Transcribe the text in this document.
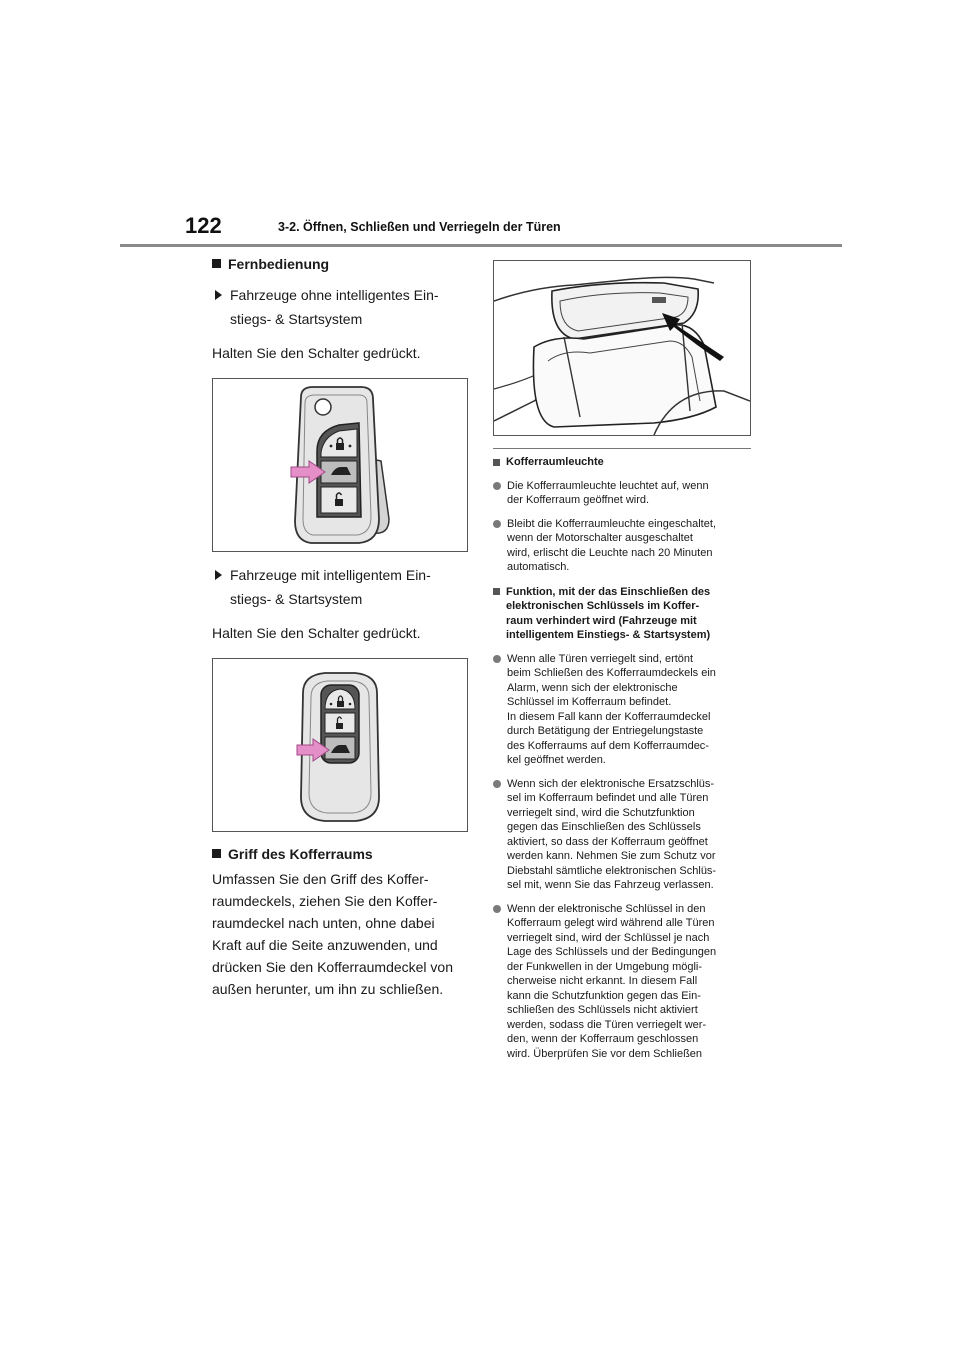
122	3-2. Öffnen, Schließen und Verriegeln der Türen
Fernbedienung
Fahrzeuge ohne intelligentes Ein-
stiegs- & Startsystem

Halten Sie den Schalter gedrückt.

Fahrzeuge mit intelligentem Ein-
stiegs- & Startsystem

Halten Sie den Schalter gedrückt.

Griff des Kofferraums
Umfassen Sie den Griff des Koffer-
raumdeckels, ziehen Sie den Koffer-
raumdeckel nach unten, ohne dabei
Kraft auf die Seite anzuwenden, und
drücken Sie den Kofferraumdeckel von
außen herunter, um ihn zu schließen.
Kofferraumleuchte
Die Kofferraumleuchte leuchtet auf, wenn
der Kofferraum geöffnet wird.
Bleibt die Kofferraumleuchte eingeschaltet,
wenn der Motorschalter ausgeschaltet
wird, erlischt die Leuchte nach 20 Minuten
automatisch.
Funktion, mit der das Einschließen des
elektronischen Schlüssels im Koffer-
raum verhindert wird (Fahrzeuge mit
intelligentem Einstiegs- & Startsystem)
Wenn alle Türen verriegelt sind, ertönt
beim Schließen des Kofferraumdeckels ein
Alarm, wenn sich der elektronische
Schlüssel im Kofferraum befindet.
In diesem Fall kann der Kofferraumdeckel
durch Betätigung der Entriegelungstaste
des Kofferraums auf dem Kofferraumdec-
kel geöffnet werden.
Wenn sich der elektronische Ersatzschlüs-
sel im Kofferraum befindet und alle Türen
verriegelt sind, wird die Schutzfunktion
gegen das Einschließen des Schlüssels
aktiviert, so dass der Kofferraum geöffnet
werden kann. Nehmen Sie zum Schutz vor
Diebstahl sämtliche elektronischen Schlüs-
sel mit, wenn Sie das Fahrzeug verlassen.
Wenn der elektronische Schlüssel in den
Kofferraum gelegt wird während alle Türen
verriegelt sind, wird der Schlüssel je nach
Lage des Schlüssels und der Bedingungen
der Funkwellen in der Umgebung mögli-
cherweise nicht erkannt. In diesem Fall
kann die Schutzfunktion gegen das Ein-
schließen des Schlüssels nicht aktiviert
werden, sodass die Türen verriegelt wer-
den, wenn der Kofferraum geschlossen
wird. Überprüfen Sie vor dem Schließen
